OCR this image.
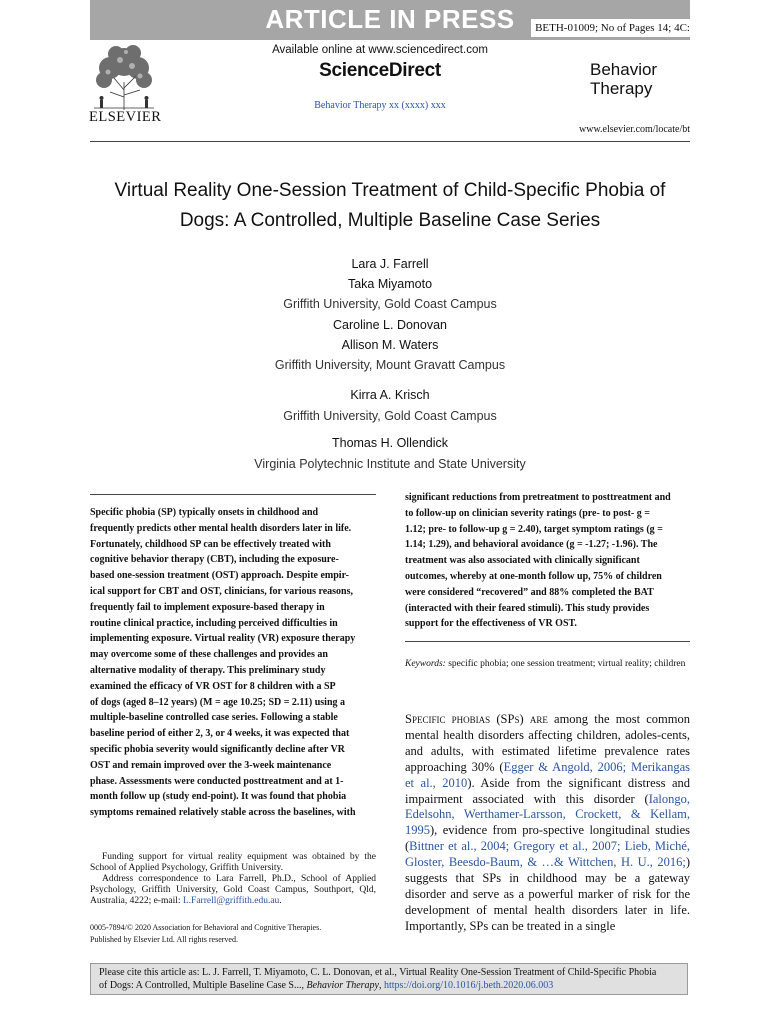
ARTICLE IN PRESS	BETH-01009; No of Pages 14; 4C:
ELSEVIER
Available online at www.sciencedirect.com
ScienceDirect
Behavior Therapy xx (xxxx) xxx
Behavior
Therapy
www.elsevier.com/locate/bt
Virtual Reality One-Session Treatment of Child-Specific Phobia of
Dogs: A Controlled, Multiple Baseline Case Series
Lara J. Farrell
Taka Miyamoto
Griffith University, Gold Coast Campus
Caroline L. Donovan
Allison M. Waters
Griffith University, Mount Gravatt Campus
Kirra A. Krisch
Griffith University, Gold Coast Campus
Thomas H. Ollendick
Virginia Polytechnic Institute and State University
Specific phobia (SP) typically onsets in childhood and
frequently predicts other mental health disorders later in life.
Fortunately, childhood SP can be effectively treated with
cognitive behavior therapy (CBT), including the exposure-
based one-session treatment (OST) approach. Despite empir-
ical support for CBT and OST, clinicians, for various reasons,
frequently fail to implement exposure-based therapy in
routine clinical practice, including perceived difficulties in
implementing exposure. Virtual reality (VR) exposure therapy
may overcome some of these challenges and provides an
alternative modality of therapy. This preliminary study
examined the efficacy of VR OST for 8 children with a SP
of dogs (aged 8–12 years) (M = age 10.25; SD = 2.11) using a
multiple-baseline controlled case series. Following a stable
baseline period of either 2, 3, or 4 weeks, it was expected that
specific phobia severity would significantly decline after VR
OST and remain improved over the 3-week maintenance
phase. Assessments were conducted posttreatment and at 1-
month follow up (study end-point). It was found that phobia
symptoms remained relatively stable across the baselines, with
significant reductions from pretreatment to posttreatment and
to follow-up on clinician severity ratings (pre- to post- g =
1.12; pre- to follow-up g = 2.40), target symptom ratings (g =
1.14; 1.29), and behavioral avoidance (g = -1.27; -1.96). The
treatment was also associated with clinically significant
outcomes, whereby at one-month follow up, 75% of children
were considered “recovered” and 88% completed the BAT
(interacted with their feared stimuli). This study provides
support for the effectiveness of VR OST.
Keywords: specific phobia; one session treatment; virtual reality; children
Specific phobias (SPs) are among the most common mental health disorders affecting children, adoles-cents, and adults, with estimated lifetime prevalence rates approaching 30% (Egger & Angold, 2006; Merikangas et al., 2010). Aside from the significant distress and impairment associated with this disorder (Ialongo, Edelsohn, Werthamer-Larsson, Crockett, & Kellam, 1995), evidence from pro-spective longitudinal studies (Bittner et al., 2004; Gregory et al., 2007; Lieb, Miché, Gloster, Beesdo-Baum, & …& Wittchen, H. U., 2016;) suggests that SPs in childhood may be a gateway disorder and serve as a powerful marker of risk for the development of mental health disorders later in life. Importantly, SPs can be treated in a single
Funding support for virtual reality equipment was obtained by the School of Applied Psychology, Griffith University.
Address correspondence to Lara Farrell, Ph.D., School of Applied Psychology, Griffith University, Gold Coast Campus, Southport, Qld, Australia, 4222; e-mail: L.Farrell@griffith.edu.au.
0005-7894/© 2020 Association for Behavioral and Cognitive Therapies.
Published by Elsevier Ltd. All rights reserved.
Please cite this article as: L. J. Farrell, T. Miyamoto, C. L. Donovan, et al., Virtual Reality One-Session Treatment of Child-Specific Phobia
of Dogs: A Controlled, Multiple Baseline Case S..., Behavior Therapy, https://doi.org/10.1016/j.beth.2020.06.003
